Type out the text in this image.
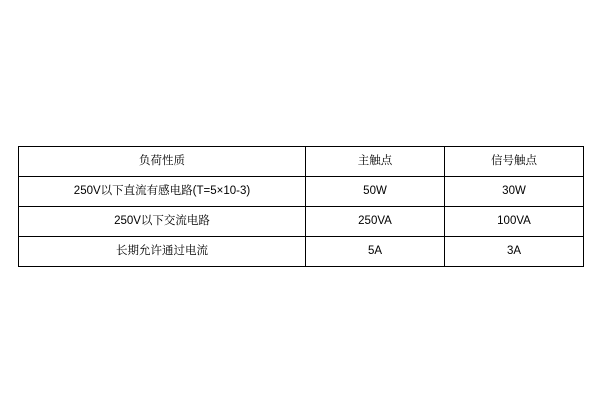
负荷性质	主触点	信号触点
250V以下直流有感电路(T=5×10-3)	50W	30W
250V以下交流电路	250VA	100VA
长期允许通过电流	5A	3A
